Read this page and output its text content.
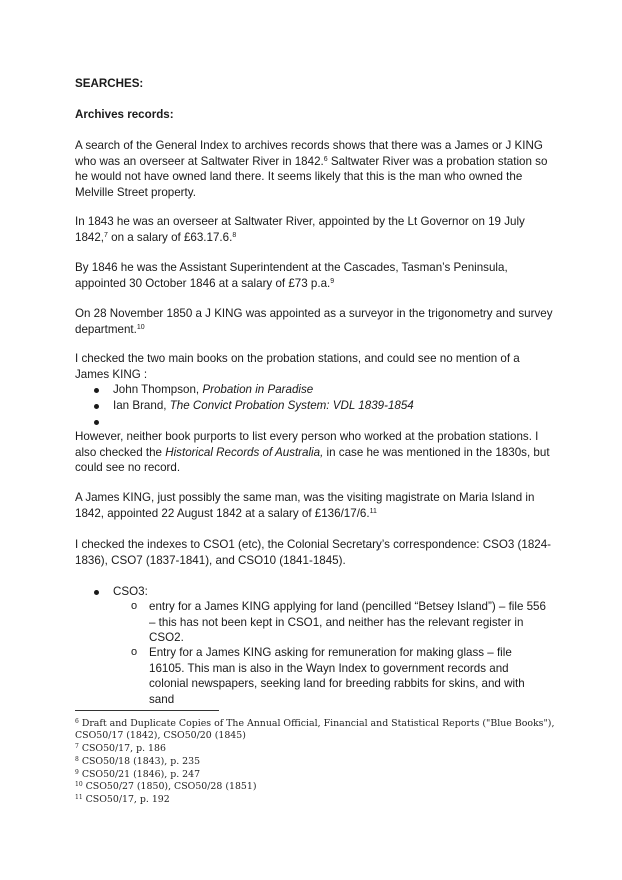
SEARCHES:

Archives records:

A search of the General Index to archives records shows that there was a James or J KING who was an overseer at Saltwater River in 1842.$^6$ Saltwater River was a probation station so he would not have owned land there. It seems likely that this is the man who owned the Melville Street property.

In 1843 he was an overseer at Saltwater River, appointed by the Lt Governor on 19 July 1842,$^7$ on a salary of £63.17.6.$^8$

By 1846 he was the Assistant Superintendent at the Cascades, Tasman’s Peninsula, appointed 30 October 1846 at a salary of £73 p.a.$^9$

On 28 November 1850 a J KING was appointed as a surveyor in the trigonometry and survey department.$^{10}$

I checked the two main books on the probation stations, and could see no mention of a James KING :

John Thompson, Probation in Paradise
Ian Brand, The Convict Probation System: VDL 1839-1854

However, neither book purports to list every person who worked at the probation stations. I also checked the Historical Records of Australia, in case he was mentioned in the 1830s, but could see no record.

A James KING, just possibly the same man, was the visiting magistrate on Maria Island in 1842, appointed 22 August 1842 at a salary of £136/17/6.11

I checked the indexes to CSO1 (etc), the Colonial Secretary’s correspondence: CSO3 (1824-1836), CSO7 (1837-1841), and CSO10 (1841-1845).

CSO3:
o entry for a James KING applying for land (pencilled “Betsey Island”) – file 556 – this has not been kept in CSO1, and neither has the relevant register in CSO2.

o Entry for a James KING asking for remuneration for making glass – file 16105. This man is also in the Wayn Index to government records and colonial newspapers, seeking land for breeding rabbits for skins, and with sand

$^6$ Draft and Duplicate Copies of The Annual Official, Financial and Statistical Reports ("Blue Books"), CSO50/17 (1842), CSO50/20 (1845)
$^7$ CSO50/17, p. 186
$^8$ CSO50/18 (1843), p. 235
$^9$ CSO50/21 (1846), p. 247
$^{10}$ CSO50/27 (1850), CSO50/28 (1851)
$^{11}$ CSO50/17, p. 192
